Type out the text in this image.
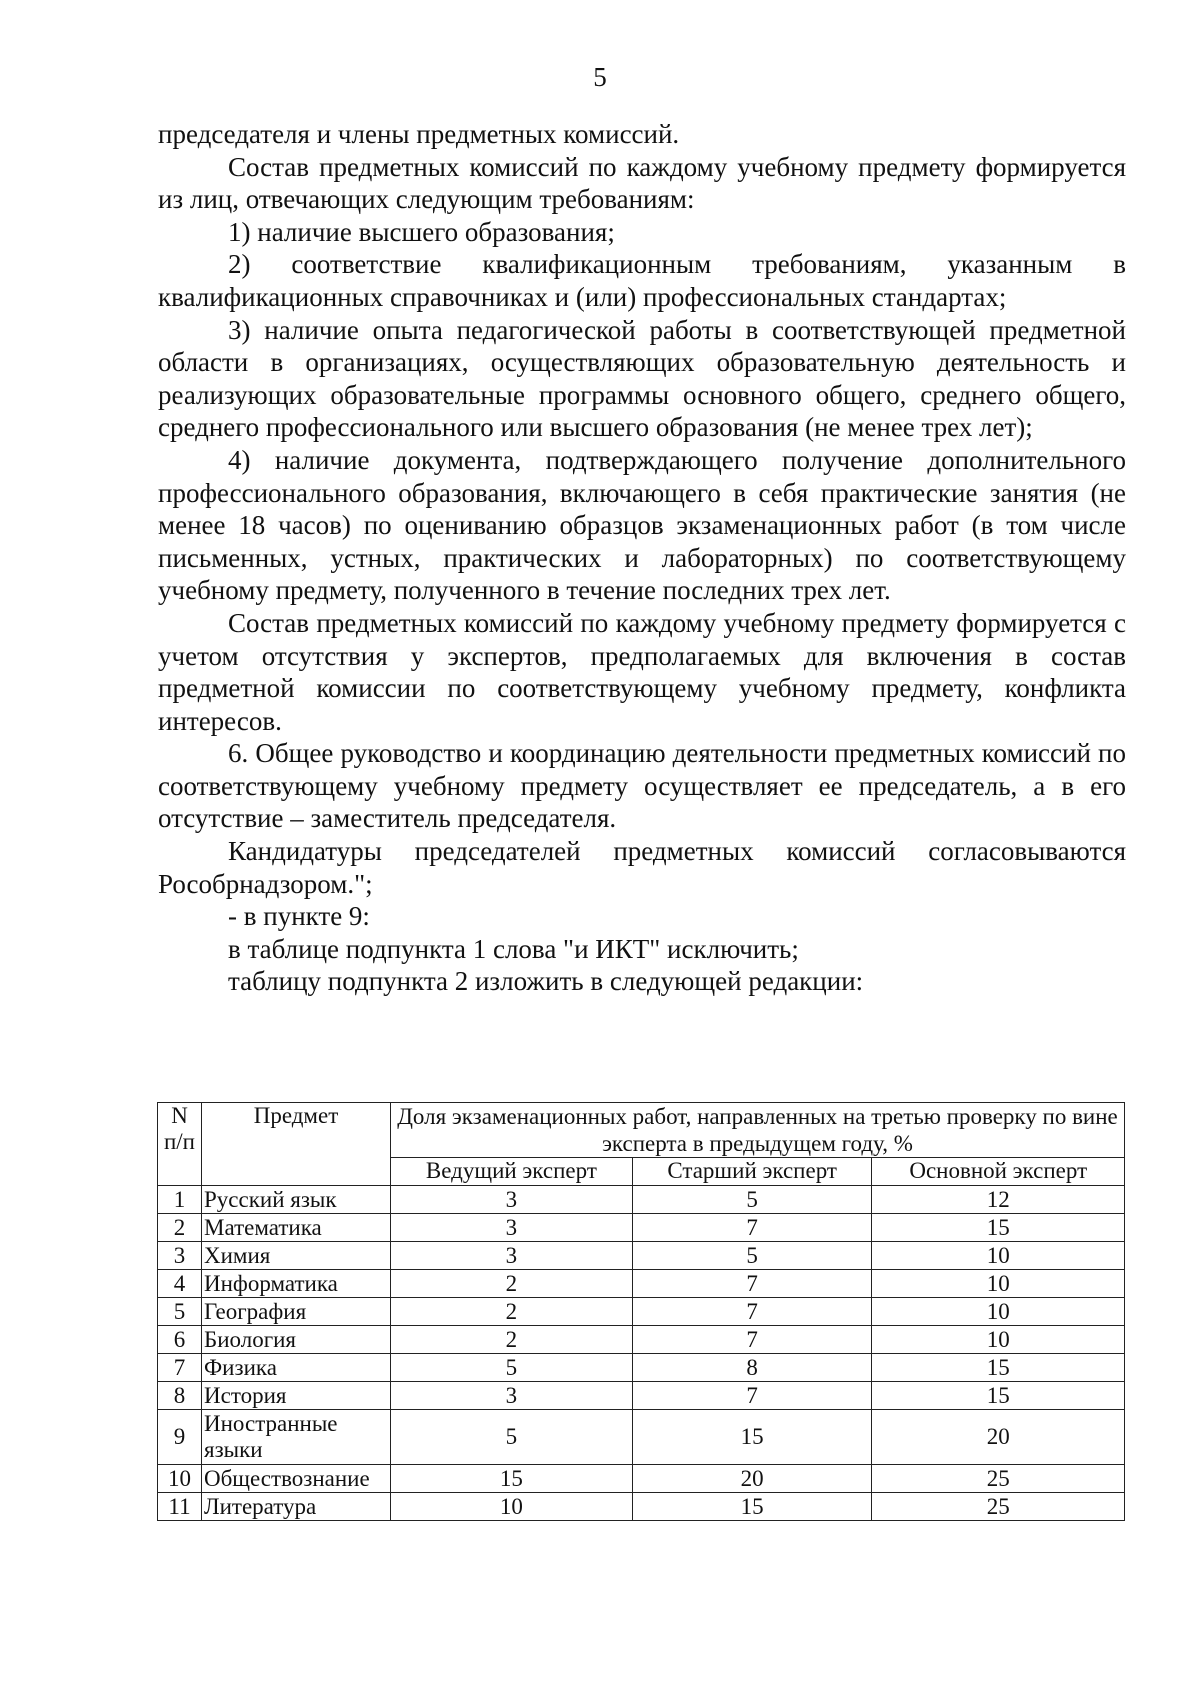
5

председателя и члены предметных комиссий.

Состав предметных комиссий по каждому учебному предмету формируется из лиц, отвечающих следующим требованиям:

1) наличие высшего образования;

2) соответствие квалификационным требованиям, указанным в квалификационных справочниках и (или) профессиональных стандартах;

3) наличие опыта педагогической работы в соответствующей предметной области в организациях, осуществляющих образовательную деятельность и реализующих образовательные программы основного общего, среднего общего, среднего профессионального или высшего образования (не менее трех лет);

4) наличие документа, подтверждающего получение дополнительного профессионального образования, включающего в себя практические занятия (не менее 18 часов) по оцениванию образцов экзаменационных работ (в том числе письменных, устных, практических и лабораторных) по соответствующему учебному предмету, полученного в течение последних трех лет.

Состав предметных комиссий по каждому учебному предмету формируется с учетом отсутствия у экспертов, предполагаемых для включения в состав предметной комиссии по соответствующему учебному предмету, конфликта интересов.

6. Общее руководство и координацию деятельности предметных комиссий по соответствующему учебному предмету осуществляет ее председатель, а в его отсутствие – заместитель председателя.

Кандидатуры председателей предметных комиссий согласовываются Рособрнадзором.";

- в пункте 9:

в таблице подпункта 1 слова "и ИКТ" исключить;

таблицу подпункта 2 изложить в следующей редакции:

N п/п	Предмет	Доля экзаменационных работ, направленных на третью проверку по вине эксперта в предыдущем году, %		
		Ведущий эксперт	Старший эксперт	Основной эксперт
1	Русский язык	3	5	12
2	Математика	3	7	15
3	Химия	3	5	10
4	Информатика	2	7	10
5	География	2	7	10
6	Биология	2	7	10
7	Физика	5	8	15
8	История	3	7	15
9	Иностранные языки	5	15	20
10	Обществознание	15	20	25
11	Литература	10	15	25
